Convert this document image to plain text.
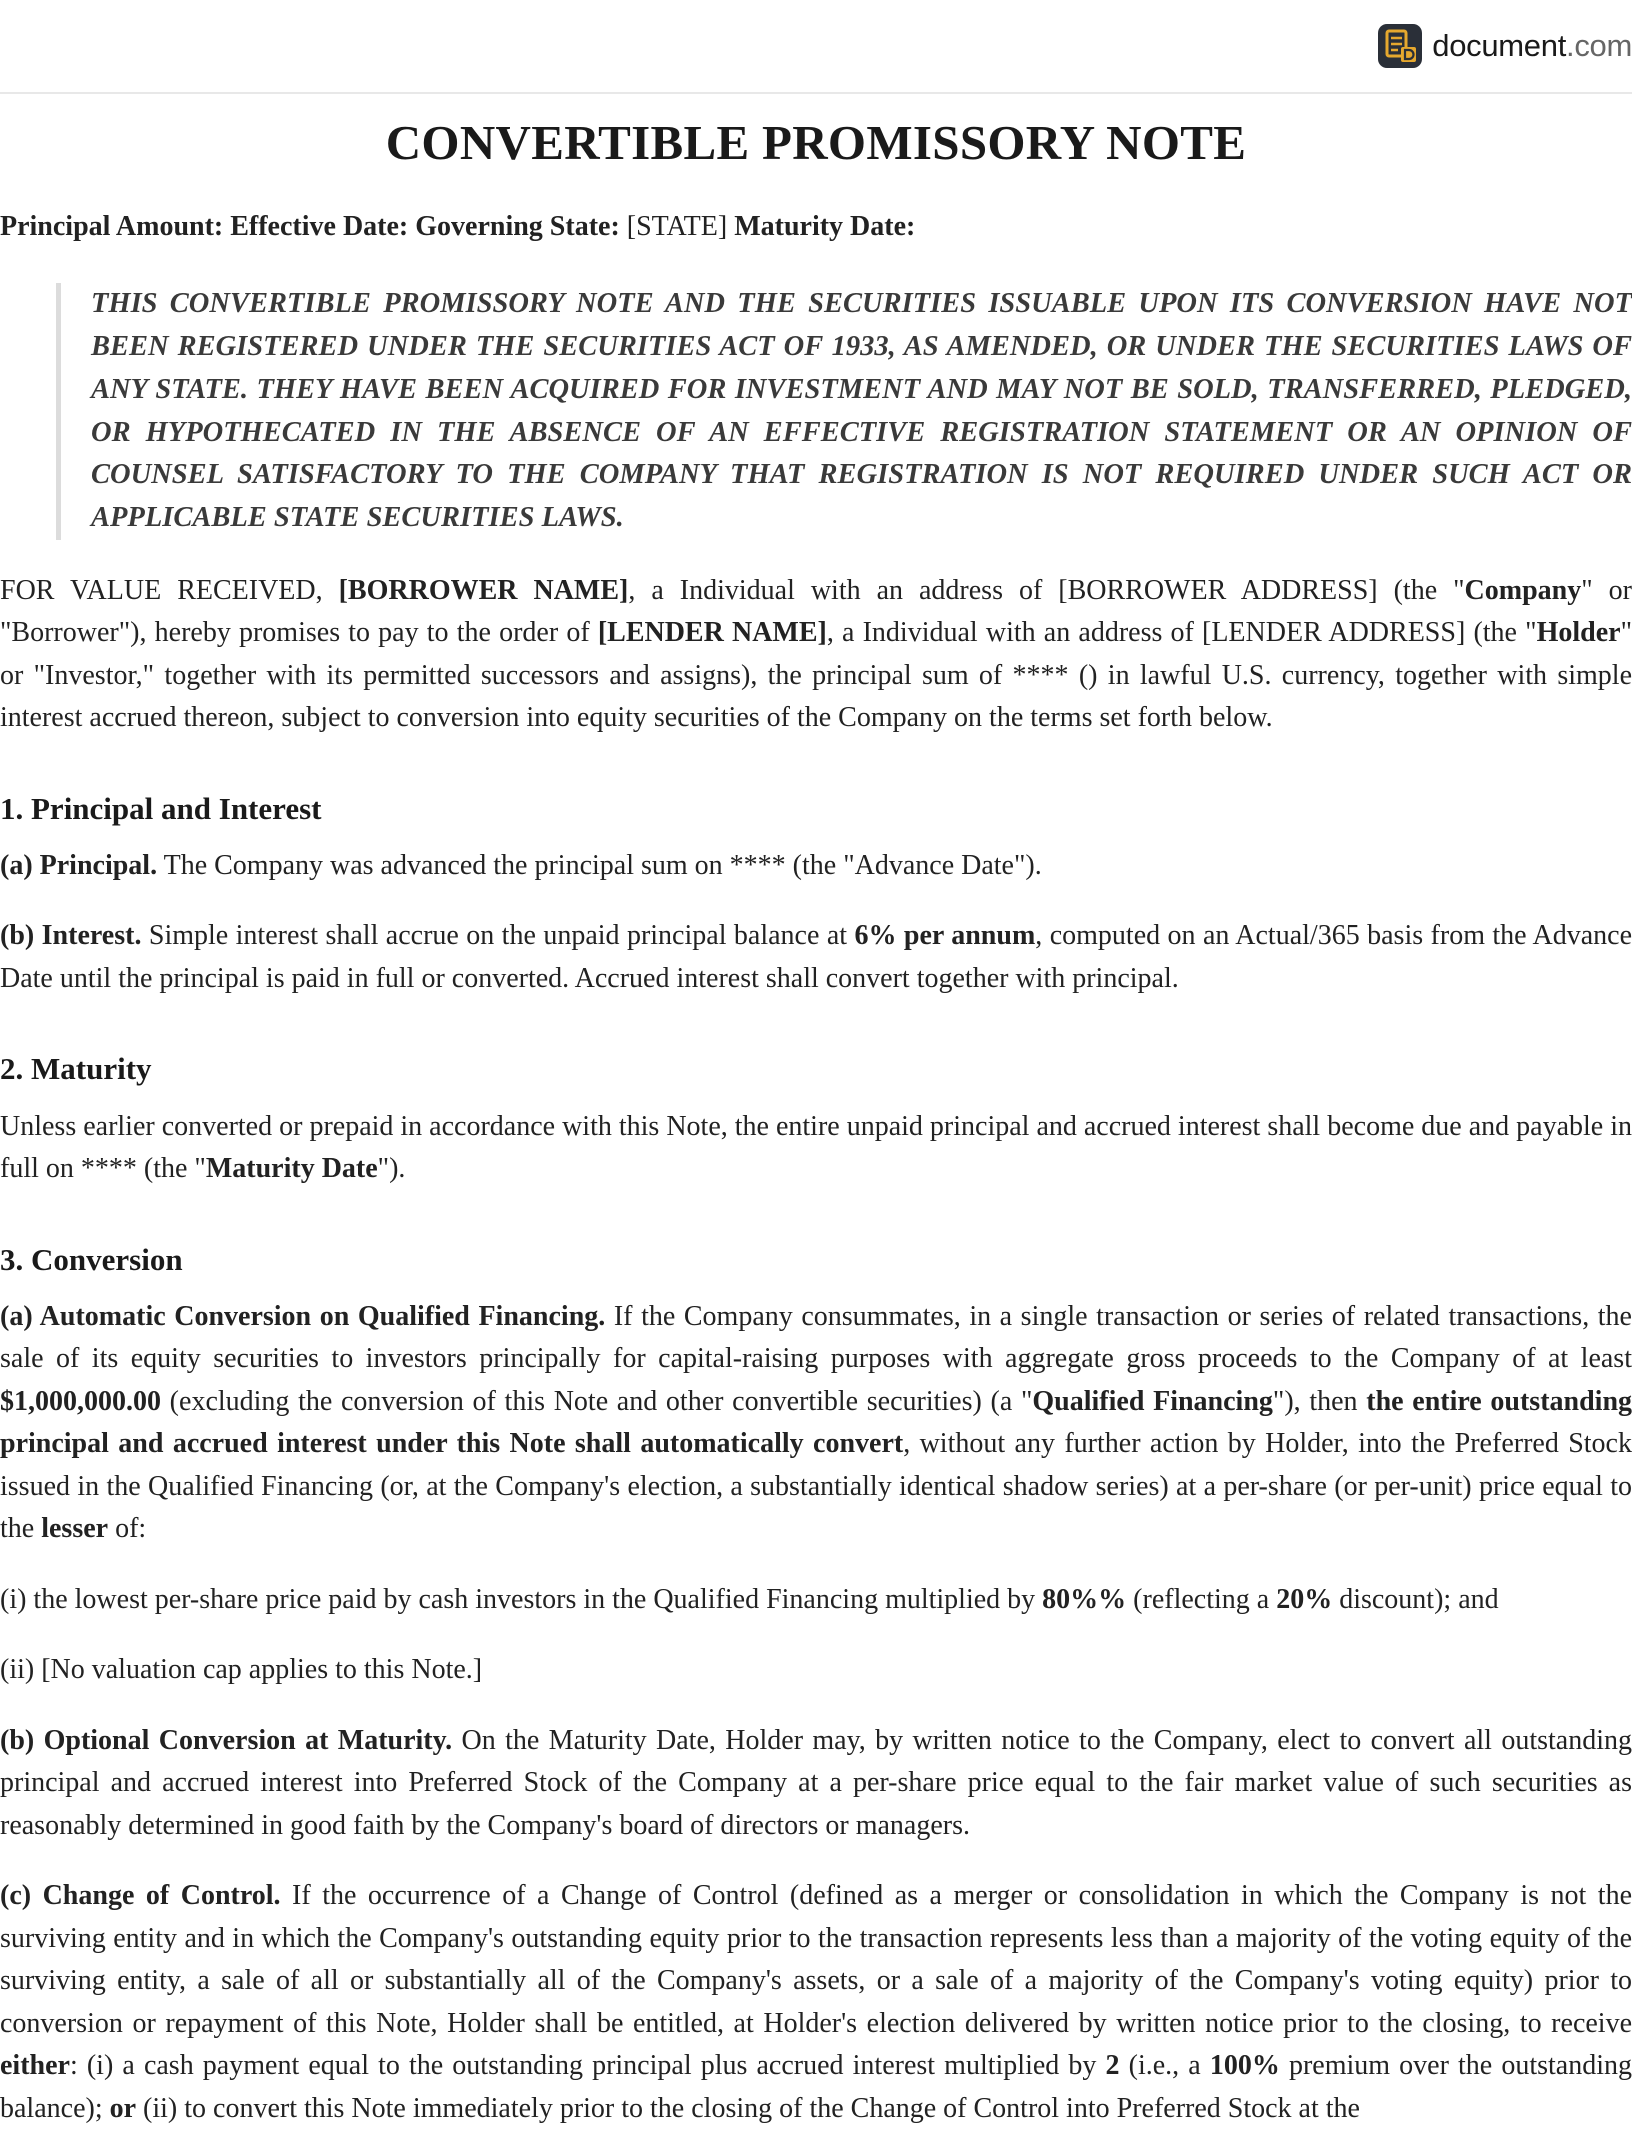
document.com
CONVERTIBLE PROMISSORY NOTE
Principal Amount: Effective Date: Governing State: [STATE] Maturity Date:
THIS CONVERTIBLE PROMISSORY NOTE AND THE SECURITIES ISSUABLE UPON ITS CONVERSION HAVE NOT BEEN REGISTERED UNDER THE SECURITIES ACT OF 1933, AS AMENDED, OR UNDER THE SECURITIES LAWS OF ANY STATE. THEY HAVE BEEN ACQUIRED FOR INVESTMENT AND MAY NOT BE SOLD, TRANSFERRED, PLEDGED, OR HYPOTHECATED IN THE ABSENCE OF AN EFFECTIVE REGISTRATION STATEMENT OR AN OPINION OF COUNSEL SATISFACTORY TO THE COMPANY THAT REGISTRATION IS NOT REQUIRED UNDER SUCH ACT OR APPLICABLE STATE SECURITIES LAWS.

FOR VALUE RECEIVED, [BORROWER NAME], a Individual with an address of [BORROWER ADDRESS] (the "Company" or "Borrower"), hereby promises to pay to the order of [LENDER NAME], a Individual with an address of [LENDER ADDRESS] (the "Holder" or "Investor," together with its permitted successors and assigns), the principal sum of **** () in lawful U.S. currency, together with simple interest accrued thereon, subject to conversion into equity securities of the Company on the terms set forth below.

1. Principal and Interest

(a) Principal. The Company was advanced the principal sum on **** (the "Advance Date").

(b) Interest. Simple interest shall accrue on the unpaid principal balance at 6% per annum, computed on an Actual/365 basis from the Advance Date until the principal is paid in full or converted. Accrued interest shall convert together with principal.

2. Maturity

Unless earlier converted or prepaid in accordance with this Note, the entire unpaid principal and accrued interest shall become due and payable in full on **** (the "Maturity Date").

3. Conversion

(a) Automatic Conversion on Qualified Financing. If the Company consummates, in a single transaction or series of related transactions, the sale of its equity securities to investors principally for capital-raising purposes with aggregate gross proceeds to the Company of at least $1,000,000.00 (excluding the conversion of this Note and other convertible securities) (a "Qualified Financing"), then the entire outstanding principal and accrued interest under this Note shall automatically convert, without any further action by Holder, into the Preferred Stock issued in the Qualified Financing (or, at the Company's election, a substantially identical shadow series) at a per-share (or per-unit) price equal to the lesser of:

(i) the lowest per-share price paid by cash investors in the Qualified Financing multiplied by 80%% (reflecting a 20% discount); and

(ii) [No valuation cap applies to this Note.]

(b) Optional Conversion at Maturity. On the Maturity Date, Holder may, by written notice to the Company, elect to convert all outstanding principal and accrued interest into Preferred Stock of the Company at a per-share price equal to the fair market value of such securities as reasonably determined in good faith by the Company's board of directors or managers.

(c) Change of Control. If the occurrence of a Change of Control (defined as a merger or consolidation in which the Company is not the surviving entity and in which the Company's outstanding equity prior to the transaction represents less than a majority of the voting equity of the surviving entity, a sale of all or substantially all of the Company's assets, or a sale of a majority of the Company's voting equity) prior to conversion or repayment of this Note, Holder shall be entitled, at Holder's election delivered by written notice prior to the closing, to receive either: (i) a cash payment equal to the outstanding principal plus accrued interest multiplied by 2 (i.e., a 100% premium over the outstanding balance); or (ii) to convert this Note immediately prior to the closing of the Change of Control into Preferred Stock at the
